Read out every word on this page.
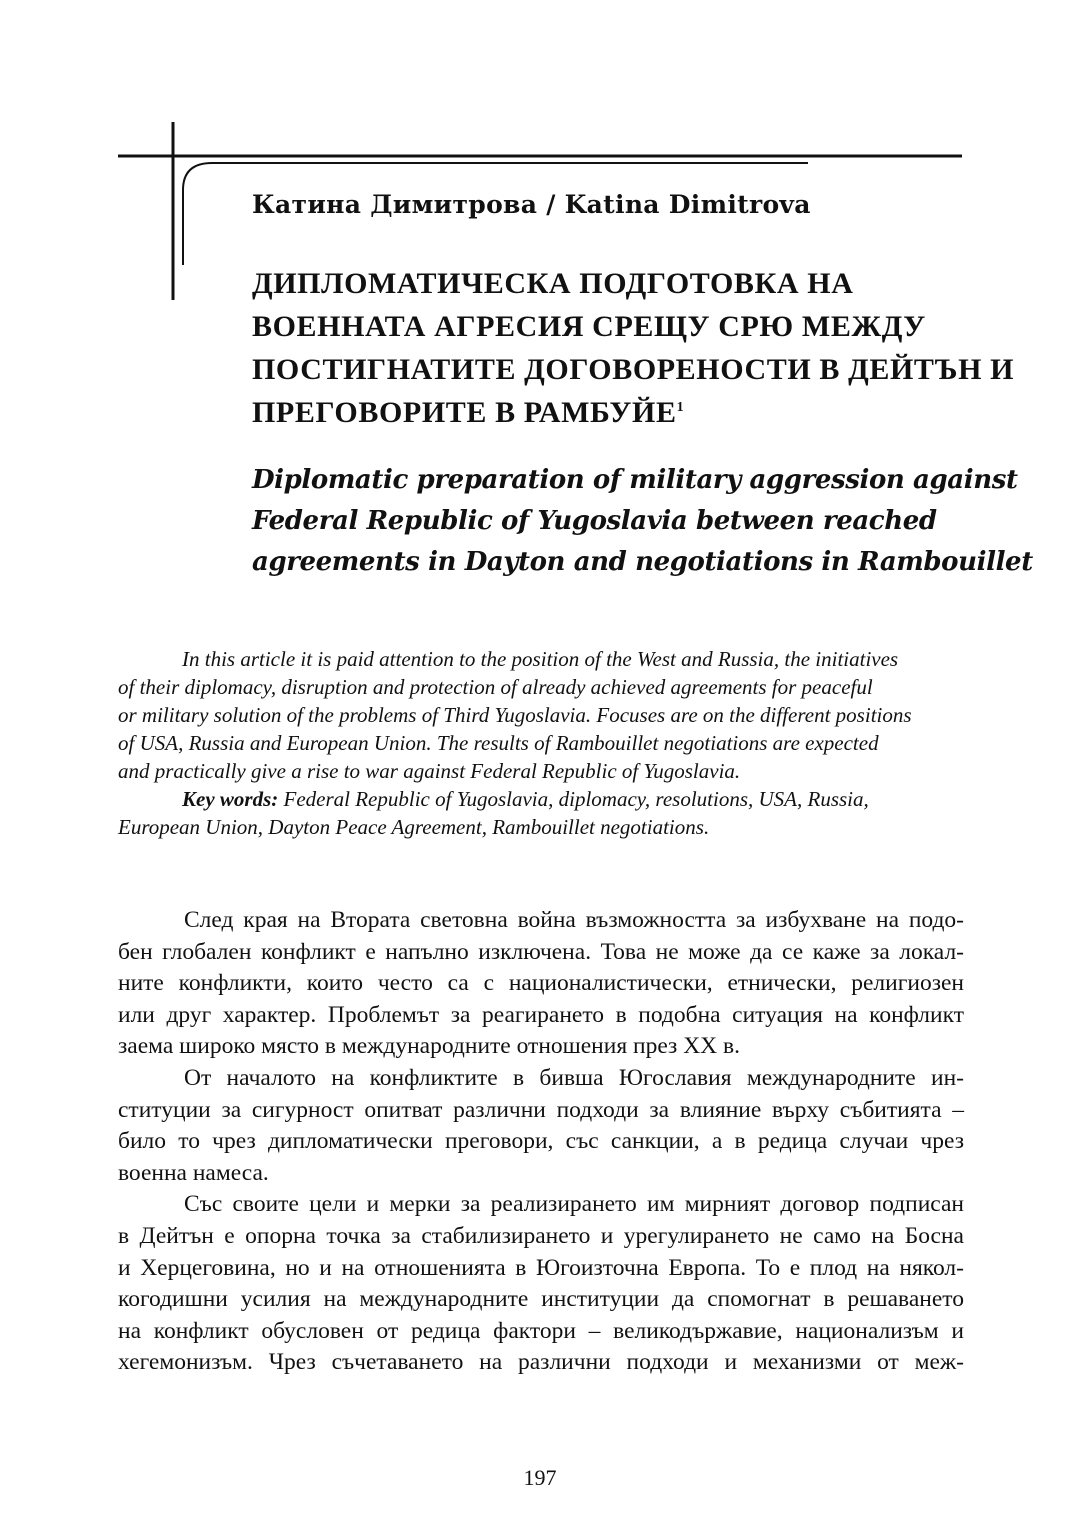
Катина Димитрова / Katina Dimitrova
ДИПЛОМАТИЧЕСКА ПОДГОТОВКА НА
ВОЕННАТА АГРЕСИЯ СРЕЩУ СРЮ МЕЖДУ
ПОСТИГНАТИТЕ ДОГОВОРЕНОСТИ В ДЕЙТЪН И
ПРЕГОВОРИТЕ В РАМБУЙЕ$^1$
Diplomatic preparation of military aggression against
Federal Republic of Yugoslavia between reached
agreements in Dayton and negotiations in Rambouillet
In this article it is paid attention to the position of the West and Russia, the initiatives
of their diplomacy, disruption and protection of already achieved agreements for peaceful
or military solution of the problems of Third Yugoslavia. Focuses are on the different positions
of USA, Russia and European Union. The results of Rambouillet negotiations are expected
and practically give a rise to war against Federal Republic of Yugoslavia.
Key words: Federal Republic of Yugoslavia, diplomacy, resolutions, USA, Russia,
European Union, Dayton Peace Agreement, Rambouillet negotiations.
След края на Втората световна война възможността за избухване на подо-
бен глобален конфликт е напълно изключена. Това не може да се каже за локал-
ните конфликти, които често са с националистически, етнически, религиозен
или друг характер. Проблемът за реагирането в подобна ситуация на конфликт
заема широко място в международните отношения през ХХ в.
От началото на конфликтите в бивша Югославия международните ин-
ституции за сигурност опитват различни подходи за влияние върху събитията –
било то чрез дипломатически преговори, със санкции, а в редица случаи чрез
военна намеса.
Със своите цели и мерки за реализирането им мирният договор подписан
в Дейтън е опорна точка за стабилизирането и урегулирането не само на Босна
и Херцеговина, но и на отношенията в Югоизточна Европа. То е плод на някол-
когодишни усилия на международните институции да спомогнат в решаването
на конфликт обусловен от редица фактори – великодържавие, национализъм и
хегемонизъм. Чрез съчетаването на различни подходи и механизми от меж-
197
